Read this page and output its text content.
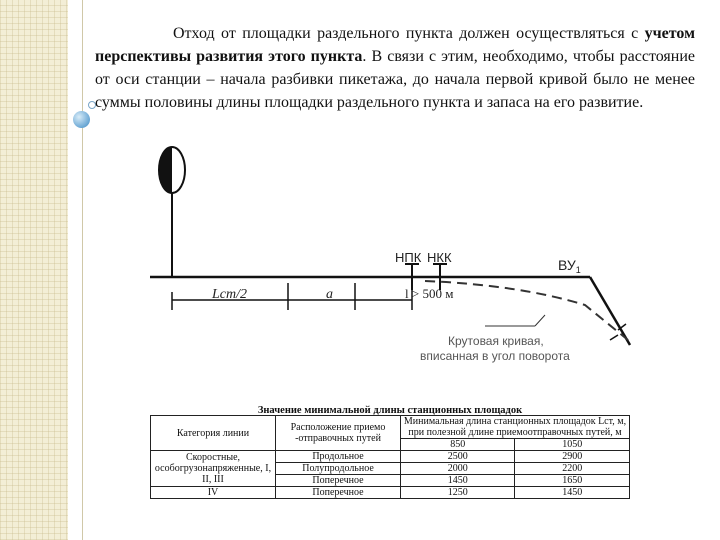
Отход от площадки раздельного пункта должен осуществляться с учетом перспективы развития этого пункта. В связи с этим, необходимо, чтобы расстояние от оси станции – начала разбивки пикетажа, до начала первой кривой было не менее суммы половины длины площадки раздельного пункта и запаса на его развитие.
НПК НКК	$ВУ_1$
Lст/2	а	l > 500 м
Крутовая кривая,
вписанная в угол поворота
Значение минимальной длины станционных площадок
Категория линии	Расположение приемо -отправочных путей	Минимальная длина станционных площадок Lст, м, при полезной длине приемоотправочных путей, м	
		850	1050
Скоростные, особогрузонапряженные, I, II, III	Продольное	2500	2900
	Полупродольное	2000	2200
	Поперечное	1450	1650
IV	Поперечное	1250	1450
